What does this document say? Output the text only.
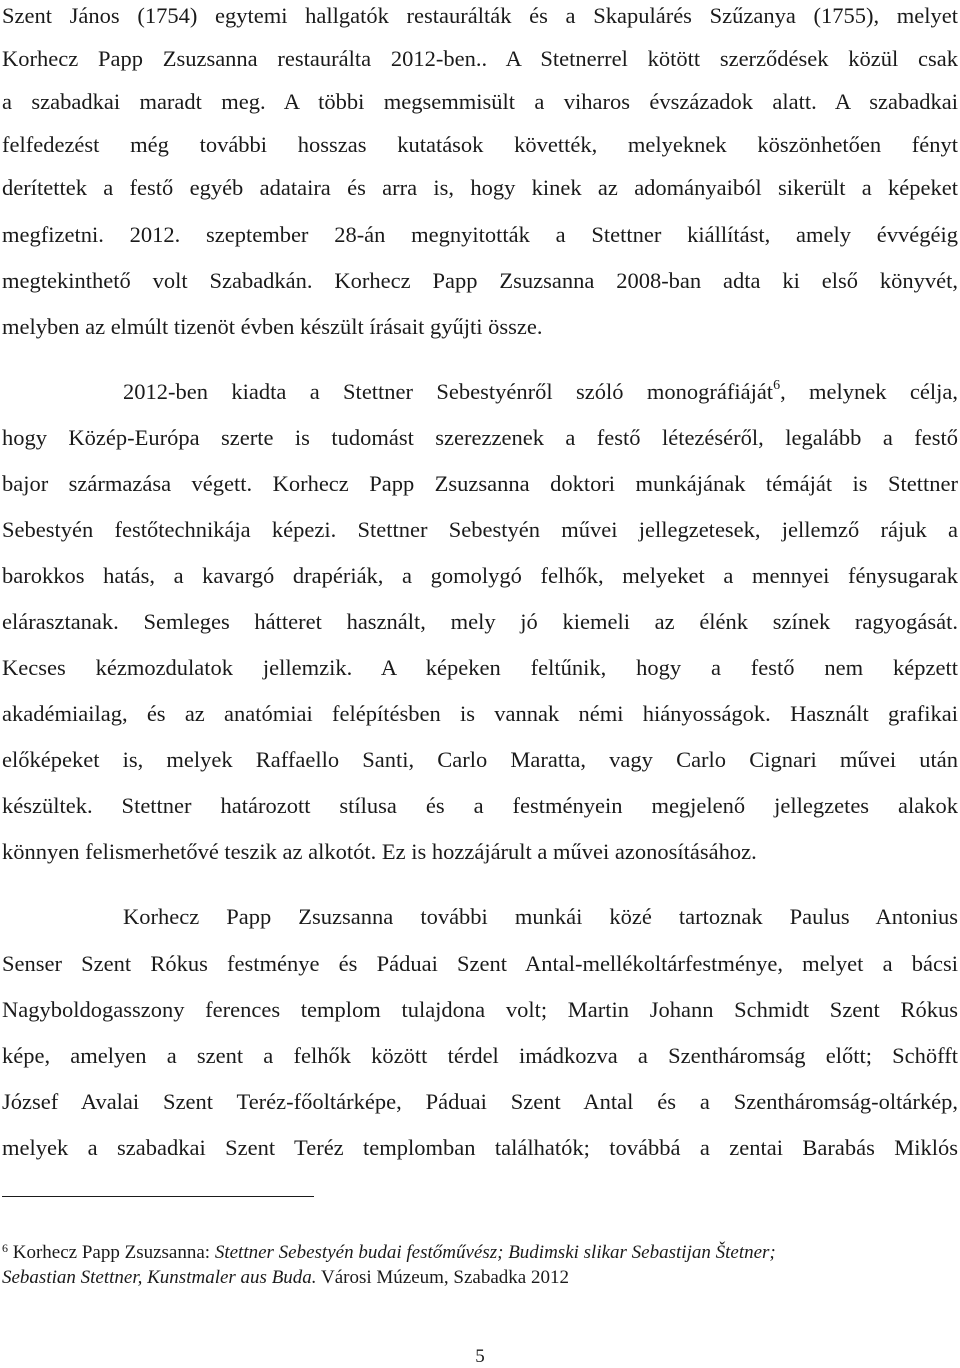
Szent János (1754) egytemi hallgatók restaurálták és a Skapulárés Szűzanya (1755), melyet
Korhecz Papp Zsuzsanna restaurálta 2012-ben.. A Stetnerrel kötött szerződések közül csak
a szabadkai maradt meg. A többi megsemmisült a viharos évszázadok alatt. A szabadkai
felfedezést még további hosszas kutatások követték, melyeknek köszönhetően fényt
derítettek a festő egyéb adataira és arra is, hogy kinek az adományaiból sikerült a képeket
megfizetni. 2012. szeptember 28-án megnyitották a Stettner kiállítást, amely évvégéig
megtekinthető volt Szabadkán. Korhecz Papp Zsuzsanna 2008-ban adta ki első könyvét,
melyben az elmúlt tizenöt évben készült írásait gyűjti össze.
2012-ben kiadta a Stettner Sebestyénről szóló monográfiáját$^6$, melynek célja,
hogy Közép-Európa szerte is tudomást szerezzenek a festő létezéséről, legalább a festő
bajor származása végett. Korhecz Papp Zsuzsanna doktori munkájának témáját is Stettner
Sebestyén festőtechnikája képezi. Stettner Sebestyén művei jellegzetesek, jellemző rájuk a
barokkos hatás, a kavargó drapériák, a gomolygó felhők, melyeket a mennyei fénysugarak
elárasztanak. Semleges hátteret használt, mely jó kiemeli az élénk színek ragyogását.
Kecses kézmozdulatok jellemzik. A képeken feltűnik, hogy a festő nem képzett
akadémiailag, és az anatómiai felépítésben is vannak némi hiányosságok. Használt grafikai
előképeket is, melyek Raffaello Santi, Carlo Maratta, vagy Carlo Cignari művei után
készültek. Stettner határozott stílusa és a festményein megjelenő jellegzetes alakok
könnyen felismerhetővé teszik az alkotót. Ez is hozzájárult a művei azonosításához.
Korhecz Papp Zsuzsanna további munkái közé tartoznak Paulus Antonius
Senser Szent Rókus festménye és Páduai Szent Antal-mellékoltárfestménye, melyet a bácsi
Nagyboldogasszony ferences templom tulajdona volt; Martin Johann Schmidt Szent Rókus
képe, amelyen a szent a felhők között térdel imádkozva a Szentháromság előtt; Schöfft
József Avalai Szent Teréz-főoltárképe, Páduai Szent Antal és a Szentháromság-oltárkép,
melyek a szabadkai Szent Teréz templomban találhatók; továbbá a zentai Barabás Miklós
$^6$ Korhecz Papp Zsuzsanna: Stettner Sebestyén budai festőművész; Budimski slikar Sebastijan Štetner;
Sebastian Stettner, Kunstmaler aus Buda. Városi Múzeum, Szabadka 2012
5
